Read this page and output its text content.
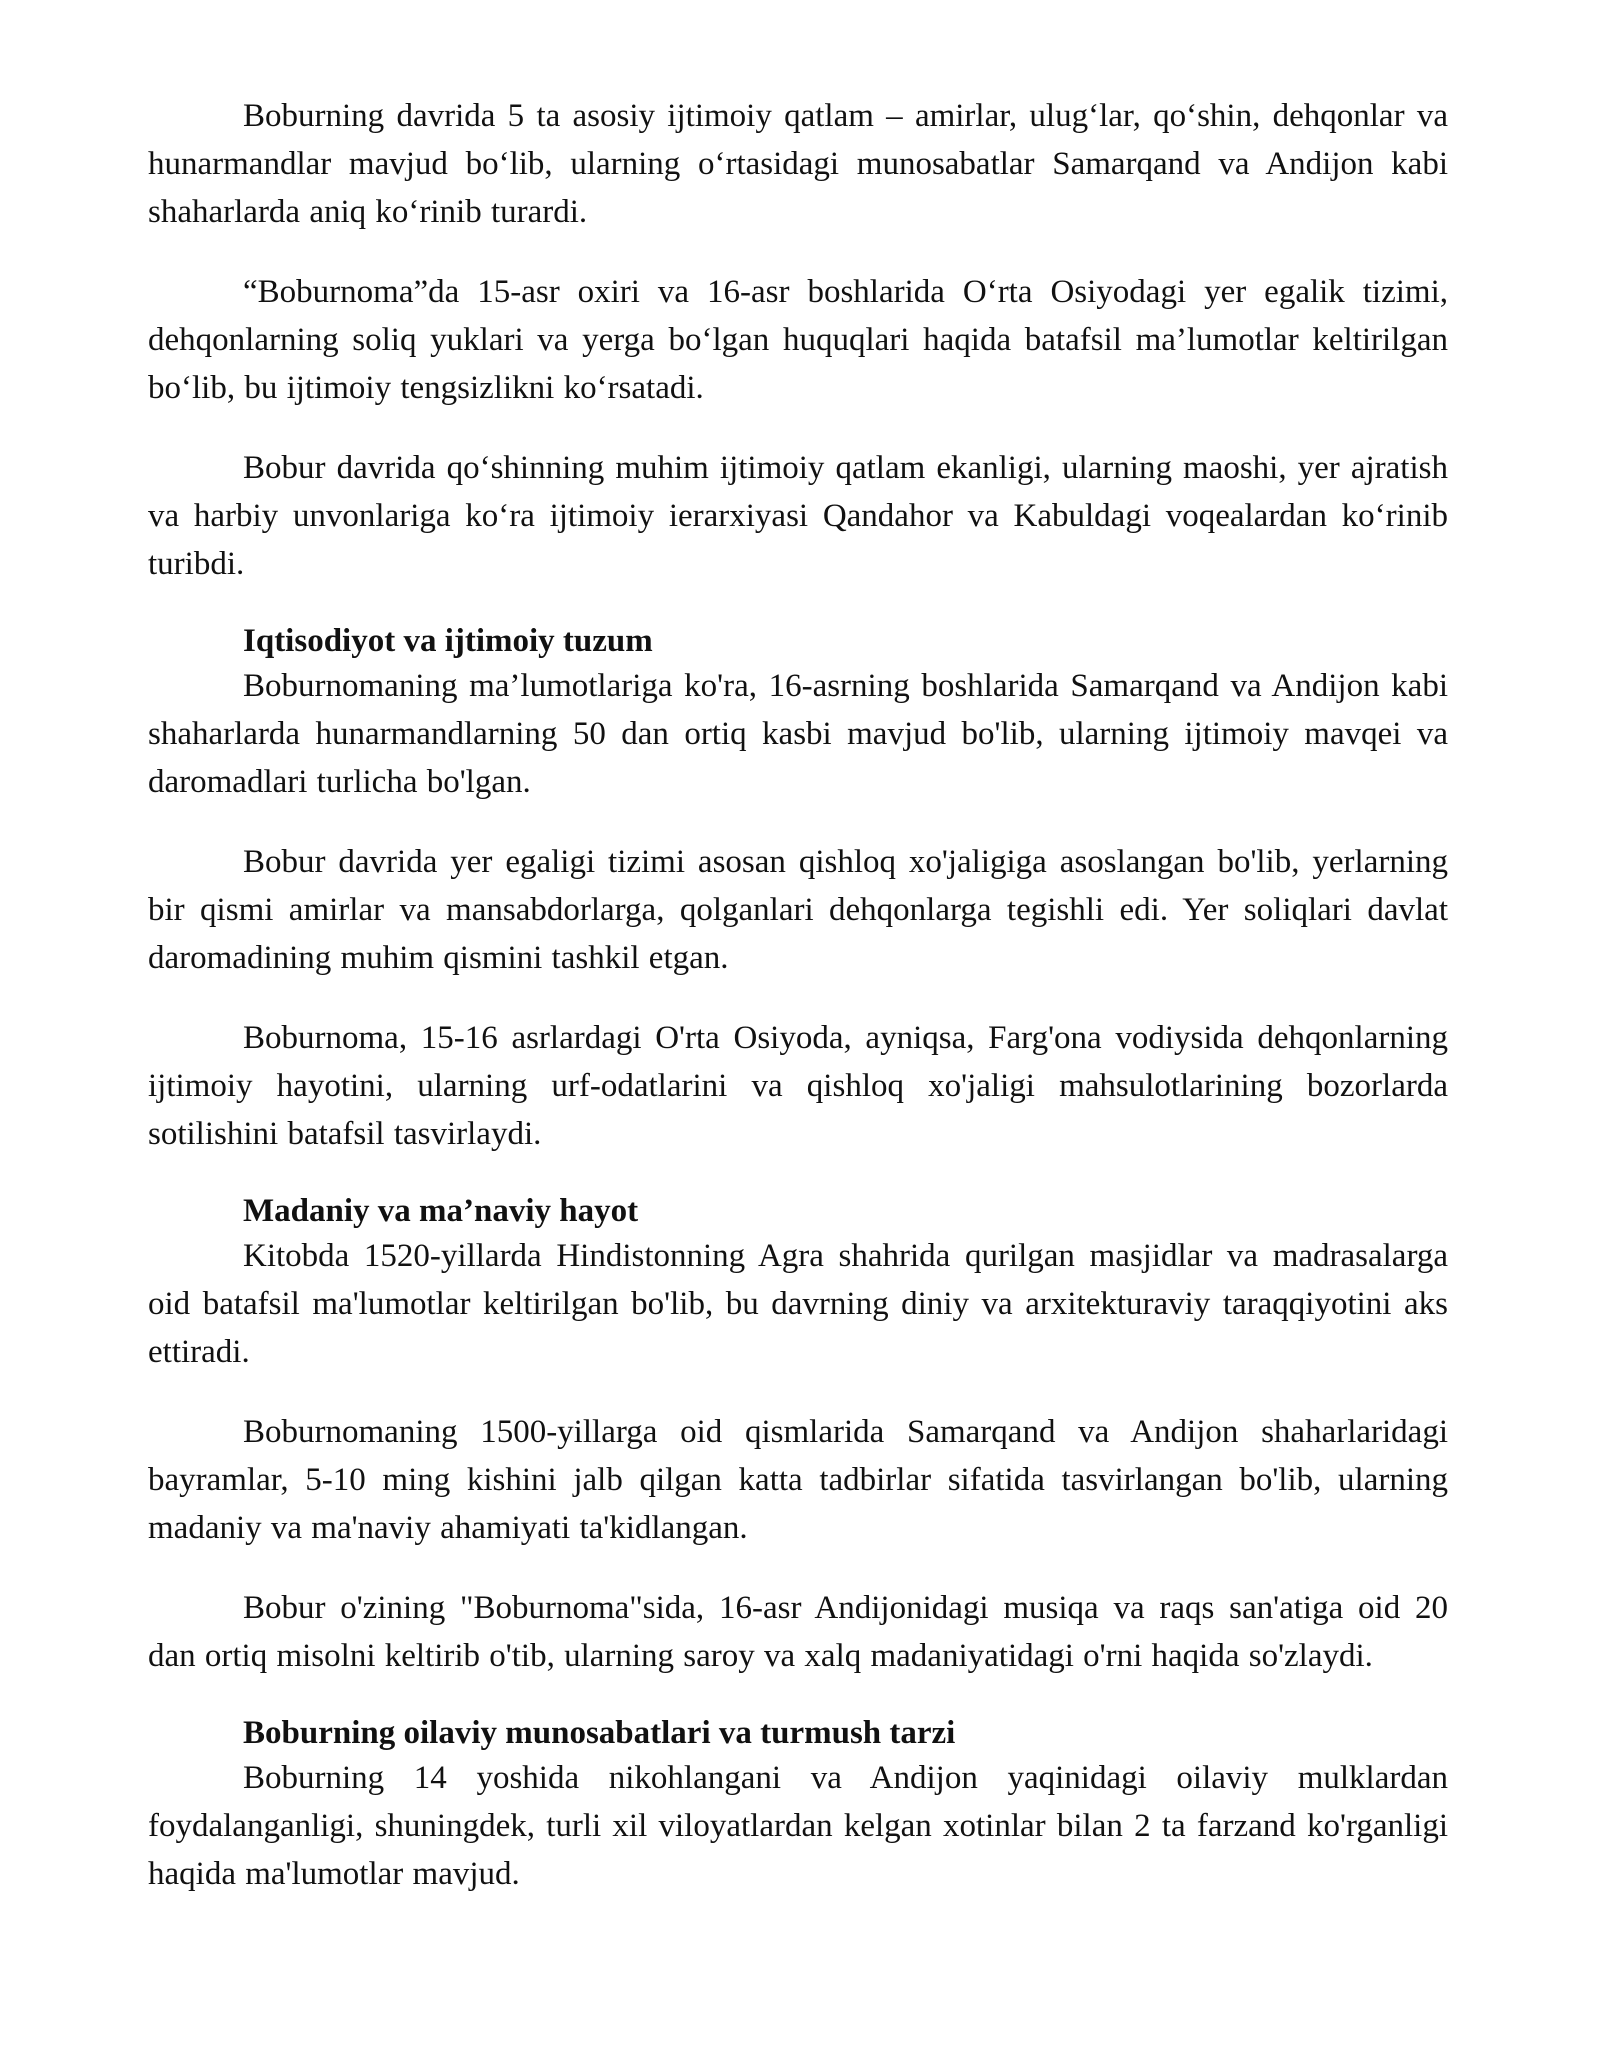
Boburning davrida 5 ta asosiy ijtimoiy qatlam – amirlar, ulug‘lar, qo‘shin, dehqonlar va hunarmandlar mavjud bo‘lib, ularning o‘rtasidagi munosabatlar Samarqand va Andijon kabi shaharlarda aniq ko‘rinib turardi.

“Boburnoma”da 15-asr oxiri va 16-asr boshlarida O‘rta Osiyodagi yer egalik tizimi, dehqonlarning soliq yuklari va yerga bo‘lgan huquqlari haqida batafsil ma’lumotlar keltirilgan bo‘lib, bu ijtimoiy tengsizlikni ko‘rsatadi.

Bobur davrida qo‘shinning muhim ijtimoiy qatlam ekanligi, ularning maoshi, yer ajratish va harbiy unvonlariga ko‘ra ijtimoiy ierarxiyasi Qandahor va Kabuldagi voqealardan ko‘rinib turibdi.

Iqtisodiyot va ijtimoiy tuzum

Boburnomaning ma’lumotlariga ko'ra, 16-asrning boshlarida Samarqand va Andijon kabi shaharlarda hunarmandlarning 50 dan ortiq kasbi mavjud bo'lib, ularning ijtimoiy mavqei va daromadlari turlicha bo'lgan.

Bobur davrida yer egaligi tizimi asosan qishloq xo'jaligiga asoslangan bo'lib, yerlarning bir qismi amirlar va mansabdorlarga, qolganlari dehqonlarga tegishli edi. Yer soliqlari davlat daromadining muhim qismini tashkil etgan.

Boburnoma, 15-16 asrlardagi O'rta Osiyoda, ayniqsa, Farg'ona vodiysida dehqonlarning ijtimoiy hayotini, ularning urf-odatlarini va qishloq xo'jaligi mahsulotlarining bozorlarda sotilishini batafsil tasvirlaydi.

Madaniy va ma’naviy hayot

Kitobda 1520-yillarda Hindistonning Agra shahrida qurilgan masjidlar va madrasalarga oid batafsil ma'lumotlar keltirilgan bo'lib, bu davrning diniy va arxitekturaviy taraqqiyotini aks ettiradi.

Boburnomaning 1500-yillarga oid qismlarida Samarqand va Andijon shaharlaridagi bayramlar, 5-10 ming kishini jalb qilgan katta tadbirlar sifatida tasvirlangan bo'lib, ularning madaniy va ma'naviy ahamiyati ta'kidlangan.

Bobur o'zining "Boburnoma"sida, 16-asr Andijonidagi musiqa va raqs san'atiga oid 20 dan ortiq misolni keltirib o'tib, ularning saroy va xalq madaniyatidagi o'rni haqida so'zlaydi.

Boburning oilaviy munosabatlari va turmush tarzi

Boburning 14 yoshida nikohlangani va Andijon yaqinidagi oilaviy mulklardan foydalanganligi, shuningdek, turli xil viloyatlardan kelgan xotinlar bilan 2 ta farzand ko'rganligi haqida ma'lumotlar mavjud.
